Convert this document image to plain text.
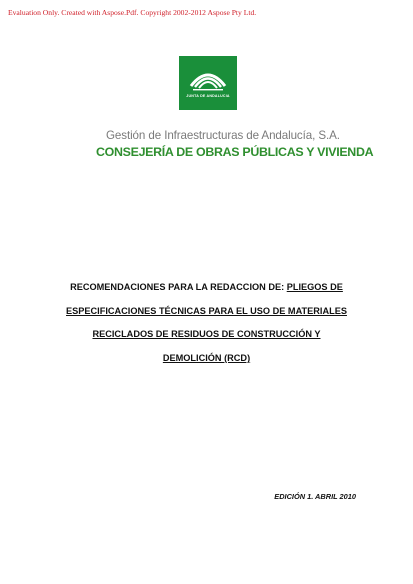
Evaluation Only. Created with Aspose.Pdf. Copyright 2002-2012 Aspose Pty Ltd.
JUNTA DE ANDALUCIA
Gestión de Infraestructuras de Andalucía, S.A.
CONSEJERÍA DE OBRAS PÚBLICAS Y VIVIENDA
RECOMENDACIONES PARA LA REDACCION DE: PLIEGOS DE
ESPECIFICACIONES TÉCNICAS PARA EL USO DE MATERIALES
RECICLADOS DE RESIDUOS DE CONSTRUCCIÓN Y
DEMOLICIÓN (RCD)
EDICIÓN 1. ABRIL 2010
